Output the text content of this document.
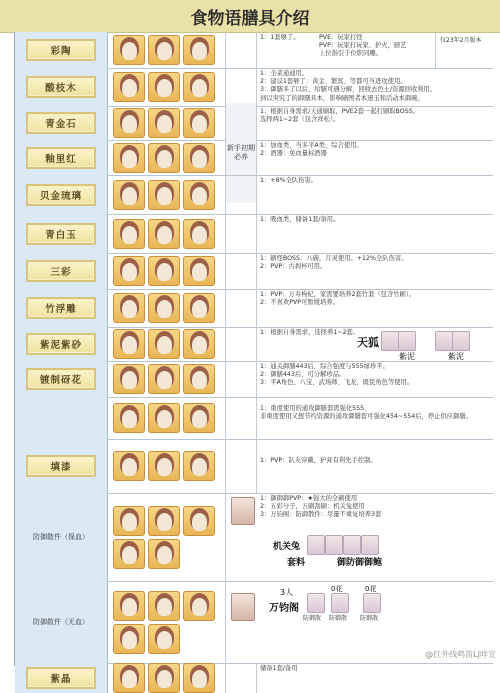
食物语膳具介绍
彩陶
1：1套够了。	PVE：玩家打怪
PVP：玩家打玩家、护火，厨艺
上位指引于位职同雕。
仅23年2月版本
酸枝木
1：全菜通通用。
2：建议1套够了：黄金、繁冥、等都可当进攻使用。
3：御膳多了以后，给膳可遇分解、回收去色土/资源回收利用。
到以突究了的御膳具本，影响刷图者本速玉和活动本御碗。
青金石
新手初期必养
1：根据自身需求/天通刷取，PVE2套一起打刷取BOSS。
选择两1~2套（包含祥松）。
釉里红
1：加血类，当多平A类，综合使用。
2：酒器：免血量标酒器
贝金琉璃
1：+8%全队伤害。
青白玉
1：吸血类，储备1套/备用。
三彩
1：刷怪BOSS：八碗，月灵使用。+12%全队伤害。
2：PVP：古刹杯可用。
竹浮雕
1：PVP：万寿枸杞，家需要培养2套竹套（包含竹刷）。
2：不喜欢PVP可暂缓培养。
紫泥紫砂
1：根据自身需求，选择养1~2套。
天狐
紫泥	紫泥
镀制砑花
1：通关御膳443后，综合强度与555绿珍平。
2：御膳443后，可分解珍品。
3：平A角色、八宝、武场师、飞龙，既民角色等使用。
1：重度使用的通攻御膳套需强化555，
非重度使用又想节约资源的通攻御膳套可强化454~554后，停止供应御膳。
填漆
1：PVP：队友穿戴，护膏有利先手控制。
防御散件（保血）
1：御御御PVP：★强大的全刷使用
2：五彩兮子，五刷刮刷：机关兔使用
3：万钧阁：防御散件：尽量不重复培养3套
机关兔
套料	御防御御鲍
防御散件（无血）
3人	0花	0花
万钧阁
防御散 防御散 防御散
紫晶
储备1套/备用
@红外线鸣笛LJ咩宣
